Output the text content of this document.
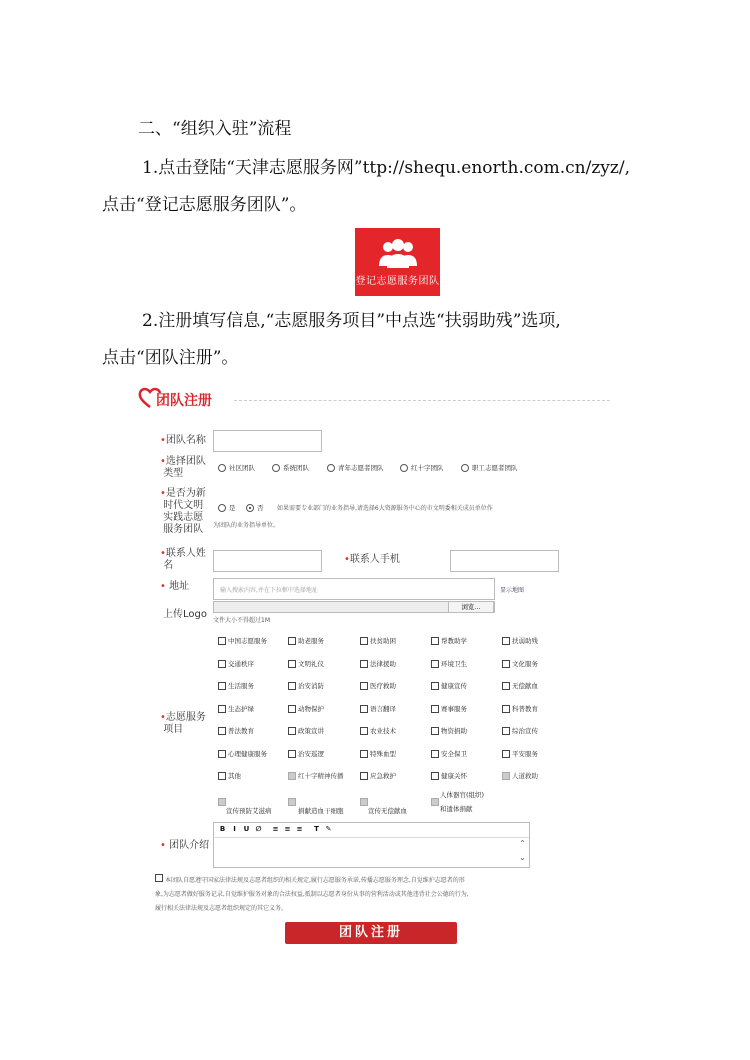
二、“组织入驻”流程
1.点击登陆“天津志愿服务网”ttp://shequ.enorth.com.cn/zyz/,
点击“登记志愿服务团队”。
登记志愿服务团队
2.注册填写信息,“志愿服务项目”中点选“扶弱助残”选项,
点击“团队注册”。
团队注册
•团队名称
•选择团队
类型	社区团队	系统团队	青年志愿者团队	红十字团队	职工志愿者团队
•是否为新
时代文明
实践志愿
服务团队
是	否 如果需要专业部门的业务指导,请选择6大资源服务中心的市文明委相关成员单位作
为团队的业务指导单位。
•联系人姓
名
•联系人手机
• 地址	输入搜索内容,并在下拉框中选择地址	显示地图
上传Logo
浏览...
文件大小不得超过1M
•志愿服务
项目
中国志愿服务	助老服务	扶贫助困	帮教助学	扶弱助残
交通秩序	文明礼仪	法律援助	环境卫生	文化服务
生活服务	治安消防	医疗救助	健康宣传	无偿献血
生态护绿	动物保护	语言翻译	赛事服务	科普教育
普法教育	政策宣讲	农业技术	物资捐助	综治宣传
心理健康服务	治安巡逻	特殊血型	安全保卫	平安服务
其他	红十字精神传播	应急救护	健康关怀	人道救助
宣传预防艾滋病	捐献造血干细胞	宣传无偿献血
人体器官(组织)
和遗体捐献
• 团队介绍
B I U ∅ ≡ ≡ ≡ T ✎
⌃
⌄
本团队自愿遵守国家法律法规及志愿者组织的相关规定,履行志愿服务承诺,传播志愿服务理念,自觉维护志愿者的形
象,为志愿者做好服务记录,自觉维护服务对象的合法权益,抵制以志愿者身份从事的营利活动或其他违背社会公德的行为,
履行相关法律法规及志愿者组织规定的其它义务。
团队注册
